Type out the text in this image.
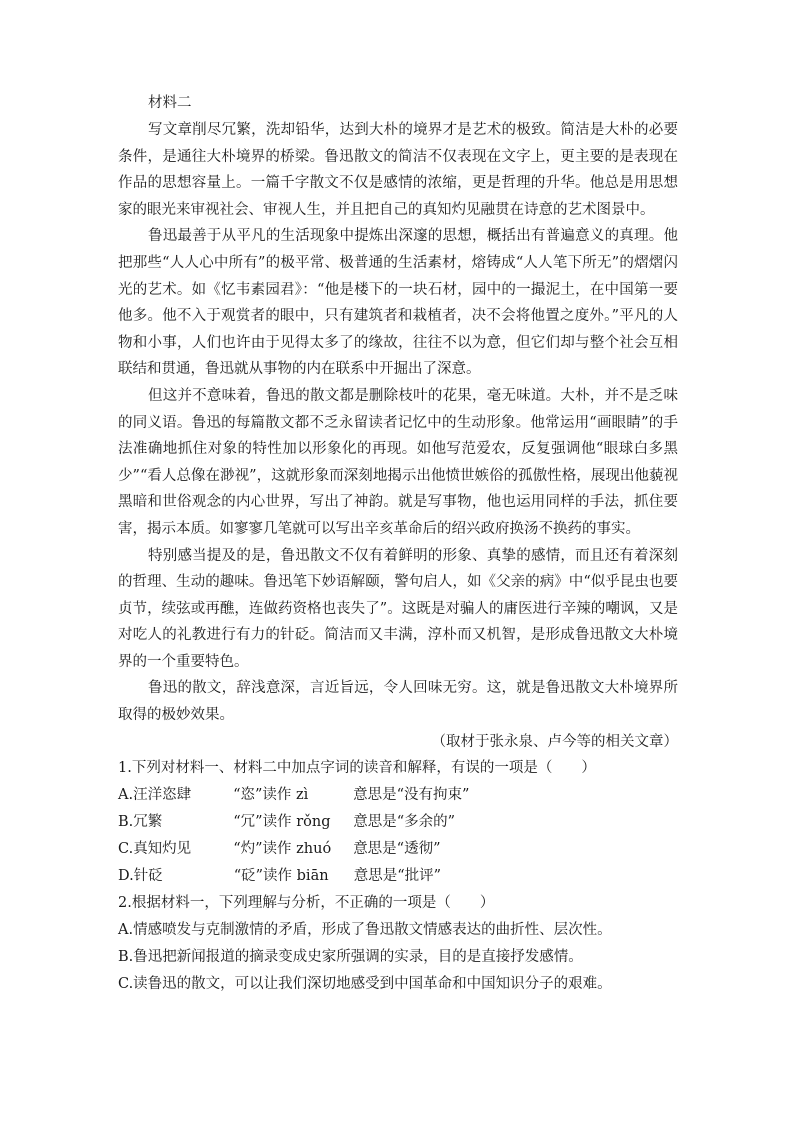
材料二

写文章削尽冗繁，洗却铅华，达到大朴的境界才是艺术的极致。简洁是大朴的必要条件，是通往大朴境界的桥梁。鲁迅散文的简洁不仅表现在文字上，更主要的是表现在作品的思想容量上。一篇千字散文不仅是感情的浓缩，更是哲理的升华。他总是用思想家的眼光来审视社会、审视人生，并且把自己的真知灼见融贯在诗意的艺术图景中。

鲁迅最善于从平凡的生活现象中提炼出深邃的思想，概括出有普遍意义的真理。他把那些“人人心中所有”的极平常、极普通的生活素材，熔铸成“人人笔下所无”的熠熠闪光的艺术。如《忆韦素园君》：“他是楼下的一块石材，园中的一撮泥土，在中国第一要他多。他不入于观赏者的眼中，只有建筑者和栽植者，决不会将他置之度外。”平凡的人物和小事，人们也许由于见得太多了的缘故，往往不以为意，但它们却与整个社会互相联结和贯通，鲁迅就从事物的内在联系中开掘出了深意。

但这并不意味着，鲁迅的散文都是删除枝叶的花果，毫无味道。大朴，并不是乏味的同义语。鲁迅的每篇散文都不乏永留读者记忆中的生动形象。他常运用“画眼睛”的手法准确地抓住对象的特性加以形象化的再现。如他写范爱农，反复强调他“眼球白多黑少”“看人总像在渺视”，这就形象而深刻地揭示出他愤世嫉俗的孤傲性格，展现出他藐视黑暗和世俗观念的内心世界，写出了神韵。就是写事物，他也运用同样的手法，抓住要害，揭示本质。如寥寥几笔就可以写出辛亥革命后的绍兴政府换汤不换药的事实。

特别感当提及的是，鲁迅散文不仅有着鲜明的形象、真挚的感情，而且还有着深刻的哲理、生动的趣味。鲁迅笔下妙语解颐，警句启人，如《父亲的病》中“似乎昆虫也要贞节，续弦或再醮，连做药资格也丧失了”。这既是对骗人的庸医进行辛辣的嘲讽，又是对吃人的礼教进行有力的针砭。简洁而又丰满，淳朴而又机智，是形成鲁迅散文大朴境界的一个重要特色。

鲁迅的散文，辞浅意深，言近旨远，令人回味无穷。这，就是鲁迅散文大朴境界所取得的极妙效果。

（取材于张永泉、卢今等的相关文章）

1.下列对材料一、材料二中加点字词的读音和解释，有误的一项是（　　）

A.汪洋恣肆	“恣”读作 zì	意思是“没有拘束”

B.冗繁	“冗”读作 rǒng 意思是“多余的”

C.真知灼见	“灼”读作 zhuó 意思是“透彻”

D.针砭	“砭”读作 biān 意思是“批评”

2.根据材料一，下列理解与分析，不正确的一项是（　　）

A.情感喷发与克制激情的矛盾，形成了鲁迅散文情感表达的曲折性、层次性。

B.鲁迅把新闻报道的摘录变成史家所强调的实录，目的是直接抒发感情。

C.读鲁迅的散文，可以让我们深切地感受到中国革命和中国知识分子的艰难。
